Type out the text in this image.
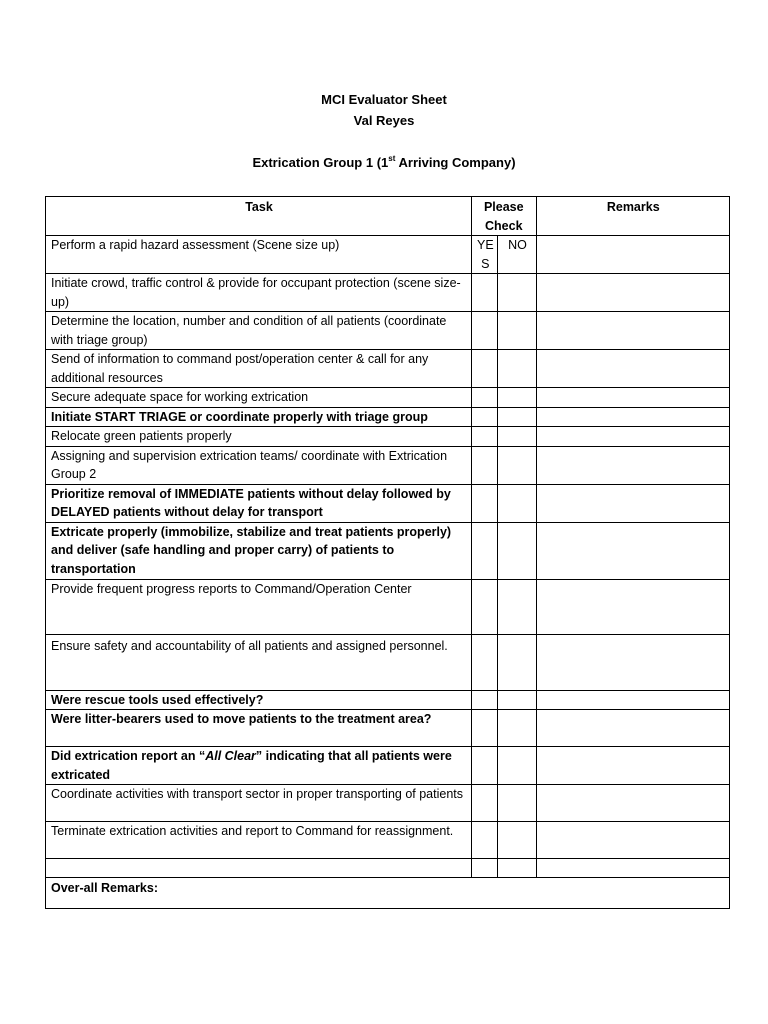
MCI Evaluator Sheet
Val Reyes
Extrication Group 1 (1st Arriving Company)
Task	Please Check		Remarks
Perform a rapid hazard assessment (Scene size up)	YE S	NO	
Initiate crowd, traffic control & provide for occupant protection (scene size-up)			
Determine the location, number and condition of all patients (coordinate with triage group)			
Send of information to command post/operation center & call for any additional resources			
Secure adequate space for working extrication			
Initiate START TRIAGE or coordinate properly with triage group			
Relocate green patients properly			
Assigning and supervision extrication teams/ coordinate with Extrication Group 2			
Prioritize removal of IMMEDIATE patients without delay followed by DELAYED patients without delay for transport			
Extricate properly (immobilize, stabilize and treat patients properly) and deliver (safe handling and proper carry) of patients to transportation			
Provide frequent progress reports to Command/Operation Center			
Ensure safety and accountability of all patients and assigned personnel.			
Were rescue tools used effectively?			
Were litter-bearers used to move patients to the treatment area?			
Did extrication report an “All Clear” indicating that all patients were extricated			
Coordinate activities with transport sector in proper transporting of patients			
Terminate extrication activities and report to Command for reassignment.			

Over-all Remarks:			
